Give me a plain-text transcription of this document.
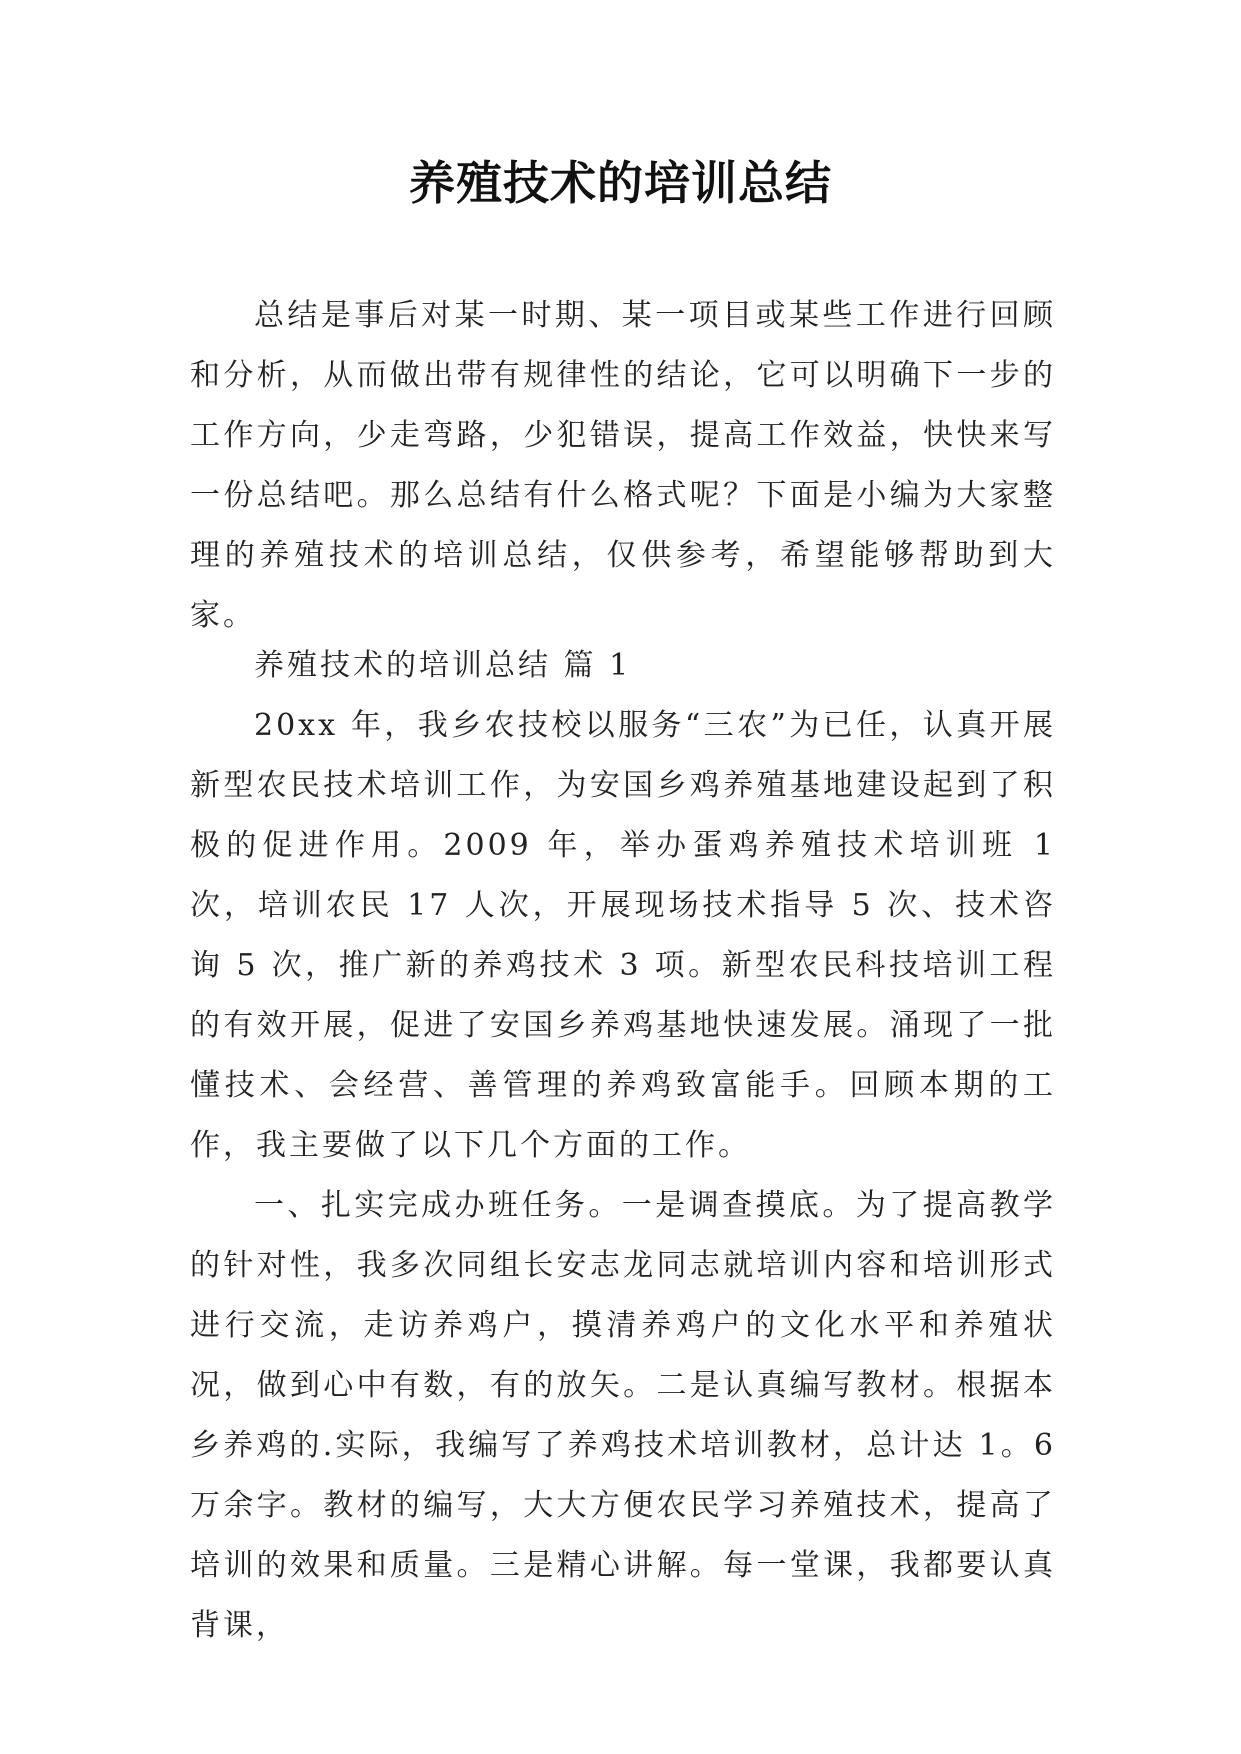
养殖技术的培训总结

总结是事后对某一时期、某一项目或某些工作进行回顾和分析，从而做出带有规律性的结论，它可以明确下一步的工作方向，少走弯路，少犯错误，提高工作效益，快快来写一份总结吧。那么总结有什么格式呢？下面是小编为大家整理的养殖技术的培训总结，仅供参考，希望能够帮助到大家。

养殖技术的培训总结 篇 1

20xx 年，我乡农技校以服务“三农”为已任，认真开展新型农民技术培训工作，为安国乡鸡养殖基地建设起到了积极的促进作用。2009 年，举办蛋鸡养殖技术培训班 1 次，培训农民 17 人次，开展现场技术指导 5 次、技术咨询 5 次，推广新的养鸡技术 3 项。新型农民科技培训工程的有效开展，促进了安国乡养鸡基地快速发展。涌现了一批懂技术、会经营、善管理的养鸡致富能手。回顾本期的工作，我主要做了以下几个方面的工作。

一、扎实完成办班任务。一是调查摸底。为了提高教学的针对性，我多次同组长安志龙同志就培训内容和培训形式进行交流，走访养鸡户，摸清养鸡户的文化水平和养殖状况，做到心中有数，有的放矢。二是认真编写教材。根据本乡养鸡的.实际，我编写了养鸡技术培训教材，总计达 1。6 万余字。教材的编写，大大方便农民学习养殖技术，提高了培训的效果和质量。三是精心讲解。每一堂课，我都要认真背课，
